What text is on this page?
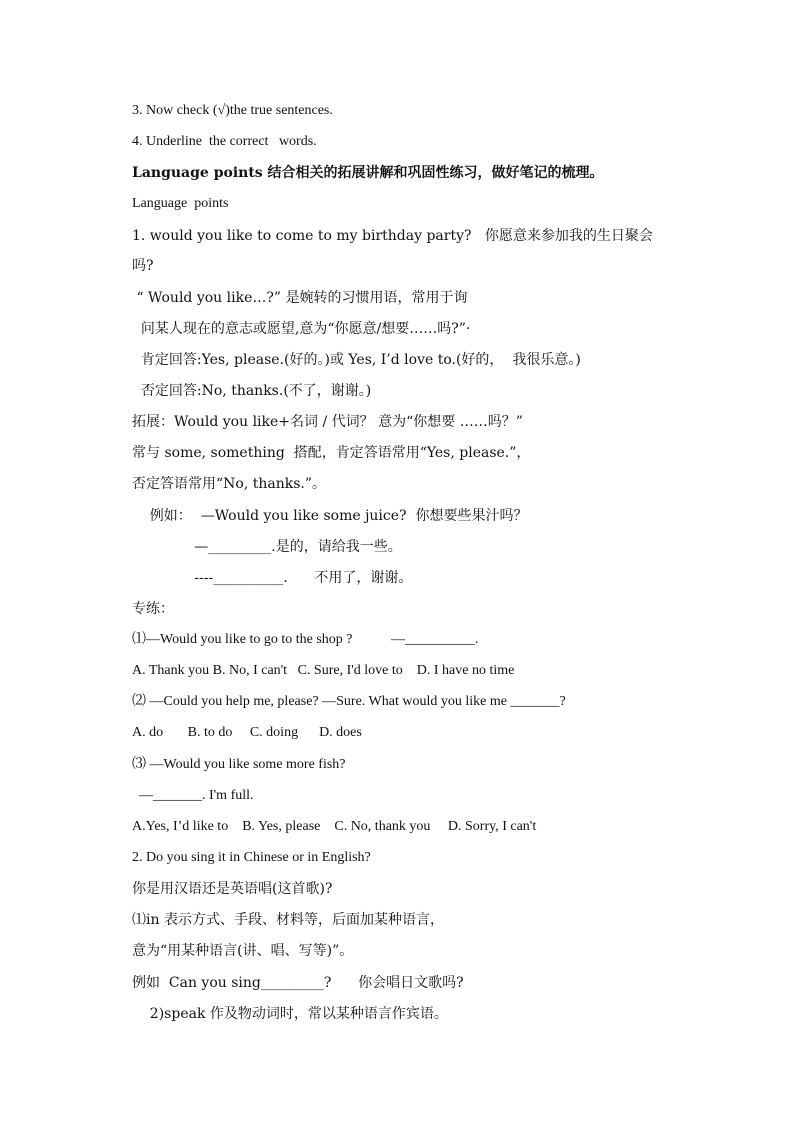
3. Now check (√)the true sentences.
4. Underline  the correct   words.
Language points 结合相关的拓展讲解和巩固性练习，做好笔记的梳理。
Language  points
1. would you like to come to my birthday party?   你愿意来参加我的生日聚会
吗?
“ Would you like…?” 是婉转的习惯用语，常用于询
问某人现在的意志或愿望,意为“你愿意/想要……吗?”·
肯定回答:Yes, please.(好的。)或 Yes, I’d love to.(好的，  我很乐意。)
否定回答:No, thanks.(不了，谢谢。)
拓展：Would you like+名词 / 代词？ 意为“你想要 ……吗？”
常与 some, something  搭配，肯定答语常用“Yes, please.”，
否定答语常用“No, thanks.”。
例如：  —Would you like some juice?  你想要些果汁吗？
—_________.是的，请给我一些。
----__________.      不用了，谢谢。
专练：
⑴—Would you like to go to the shop ?           —__________.
A. Thank you B. No, I can't   C. Sure, I'd love to    D. I have no time
⑵ —Could you help me, please? —Sure. What would you like me _______?
A. do       B. to do     C. doing      D. does
⑶ —Would you like some more fish?
—_______. I'm full.
A.Yes, I’d like to    B. Yes, please    C. No, thank you     D. Sorry, I can't
2. Do you sing it in Chinese or in English?
你是用汉语还是英语唱(这首歌)?
⑴in 表示方式、手段、材料等，后面加某种语言，
意为“用某种语言(讲、唱、写等)”。
例如  Can you sing_________?      你会唱日文歌吗?
2)speak 作及物动词时，常以某种语言作宾语。
